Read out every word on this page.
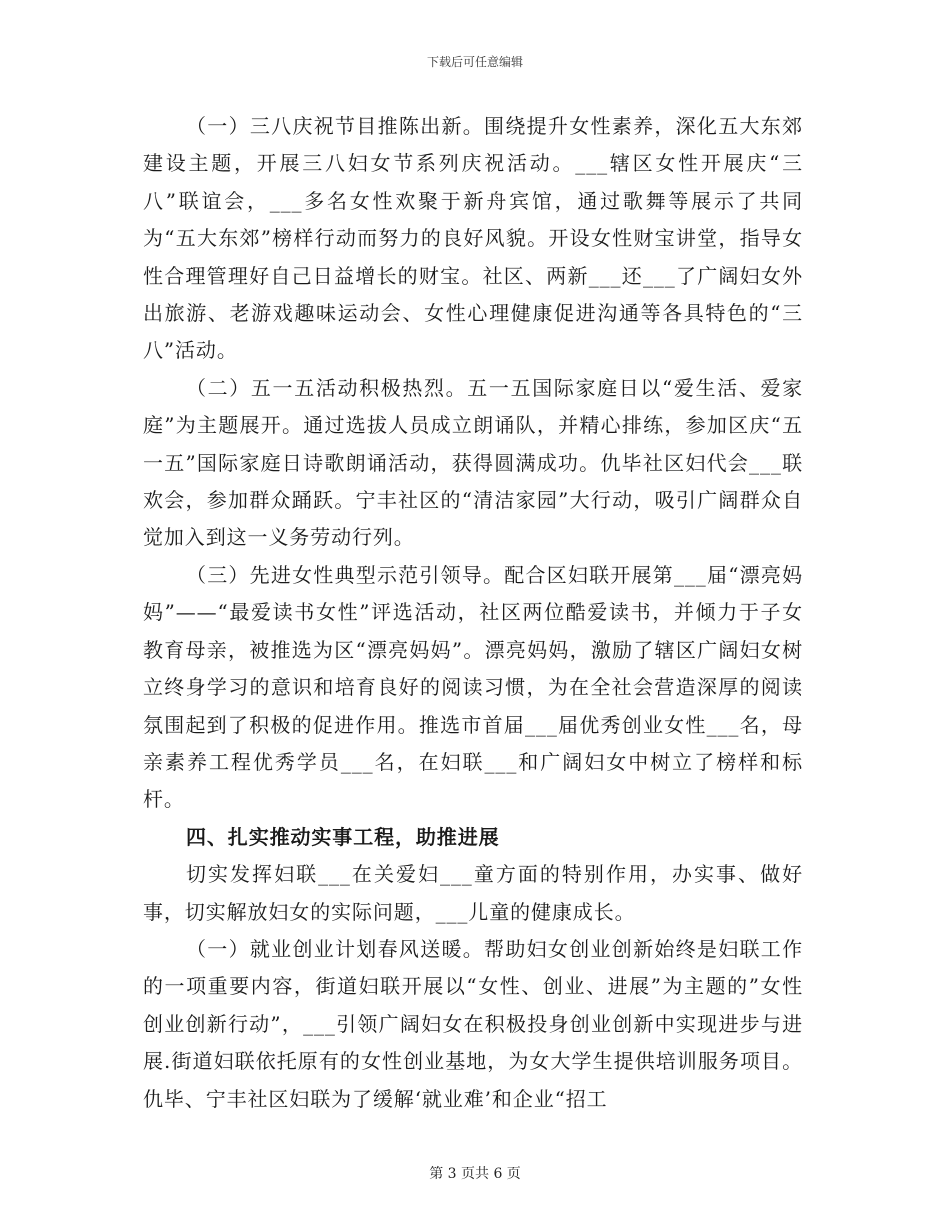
下载后可任意编辑

（一）三八庆祝节目推陈出新。围绕提升女性素养，深化五大东郊建设主题，开展三八妇女节系列庆祝活动。___辖区女性开展庆“三八”联谊会，___多名女性欢聚于新舟宾馆，通过歌舞等展示了共同为“五大东郊”榜样行动而努力的良好风貌。开设女性财宝讲堂，指导女性合理管理好自己日益增长的财宝。社区、两新___还___了广阔妇女外出旅游、老游戏趣味运动会、女性心理健康促进沟通等各具特色的“三八”活动。

（二）五一五活动积极热烈。五一五国际家庭日以“爱生活、爱家庭”为主题展开。通过选拔人员成立朗诵队，并精心排练，参加区庆“五一五”国际家庭日诗歌朗诵活动，获得圆满成功。仇毕社区妇代会___联欢会，参加群众踊跃。宁丰社区的“清洁家园”大行动，吸引广阔群众自觉加入到这一义务劳动行列。

（三）先进女性典型示范引领导。配合区妇联开展第___届“漂亮妈妈”——“最爱读书女性”评选活动，社区两位酷爱读书，并倾力于子女教育母亲，被推选为区“漂亮妈妈”。漂亮妈妈，激励了辖区广阔妇女树立终身学习的意识和培育良好的阅读习惯，为在全社会营造深厚的阅读氛围起到了积极的促进作用。推选市首届___届优秀创业女性___名，母亲素养工程优秀学员___名，在妇联___和广阔妇女中树立了榜样和标杆。

四、扎实推动实事工程，助推进展

切实发挥妇联___在关爱妇___童方面的特别作用，办实事、做好事，切实解放妇女的实际问题，___儿童的健康成长。

（一）就业创业计划春风送暖。帮助妇女创业创新始终是妇联工作的一项重要内容，街道妇联开展以“女性、创业、进展”为主题的”女性创业创新行动”，___引领广阔妇女在积极投身创业创新中实现进步与进展.街道妇联依托原有的女性创业基地，为女大学生提供培训服务项目。仇毕、宁丰社区妇联为了缓解‘就业难’和企业“招工

第 3 页共 6 页
